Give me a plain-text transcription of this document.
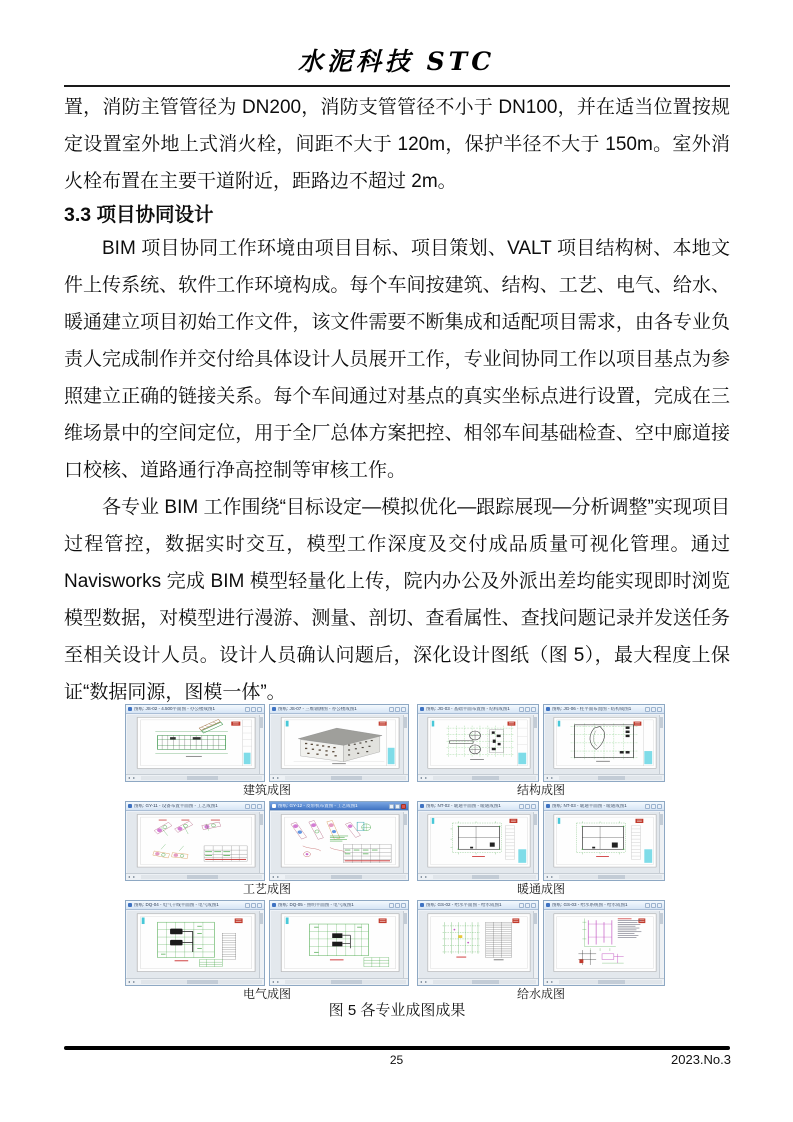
水泥科技 STC

置，消防主管管径为 DN200，消防支管管径不小于 DN100，并在适当位置按规定设置室外地上式消火栓，间距不大于 120m，保护半径不大于 150m。室外消火栓布置在主要干道附近，距路边不超过 2m。

3.3 项目协同设计

BIM 项目协同工作环境由项目目标、项目策划、VALT 项目结构树、本地文件上传系统、软件工作环境构成。每个车间按建筑、结构、工艺、电气、给水、暖通建立项目初始工作文件，该文件需要不断集成和适配项目需求，由各专业负责人完成制作并交付给具体设计人员展开工作，专业间协同工作以项目基点为参照建立正确的链接关系。每个车间通过对基点的真实坐标点进行设置，完成在三维场景中的空间定位，用于全厂总体方案把控、相邻车间基础检查、空中廊道接口校核、道路通行净高控制等审核工作。

各专业 BIM 工作围绕“目标设定—模拟优化—跟踪展现—分析调整”实现项目过程管控，数据实时交互，模型工作深度及交付成品质量可视化管理。通过 Navisworks 完成 BIM 模型轻量化上传，院内办公及外派出差均能实现即时浏览模型数据，对模型进行漫游、测量、剖切、查看属性、查找问题记录并发送任务至相关设计人员。设计人员确认问题后，深化设计图纸（图 5），最大程度上保证“数据同源，图模一体”。

图纸: JS-02 - 4.500平面图 - 办公楼成图1
◂ ▸
图纸: JS-07 - 三维轴测图 - 办公楼成图1
◂ ▸
建筑成图
图纸: JG-03 - 基础平面布置图 - 结构成图1
◂ ▸
图纸: JG-06 - 柱平面布置图 - 结构成图1
◂ ▸
结构成图
图纸: GY-11 - 设备布置平面图 - 工艺成图1
◂ ▸
图纸: GY-12 - 皮带机布置图 - 工艺成图1
◂ ▸
工艺成图
图纸: NT-02 - 暖通平面图 - 暖通成图1
◂ ▸
图纸: NT-03 - 暖通平面图 - 暖通成图1
◂ ▸
暖通成图
图纸: DQ-04 - 电气干线平面图 - 电气成图1
◂ ▸
图纸: DQ-05 - 照明平面图 - 电气成图1
◂ ▸
电气成图
图纸: GS-02 - 给水平面图 - 给水成图1
◂ ▸
图纸: GS-03 - 给水系统图 - 给水成图1
◂ ▸
给水成图
图 5 各专业成图成果
25	2023.No.3
